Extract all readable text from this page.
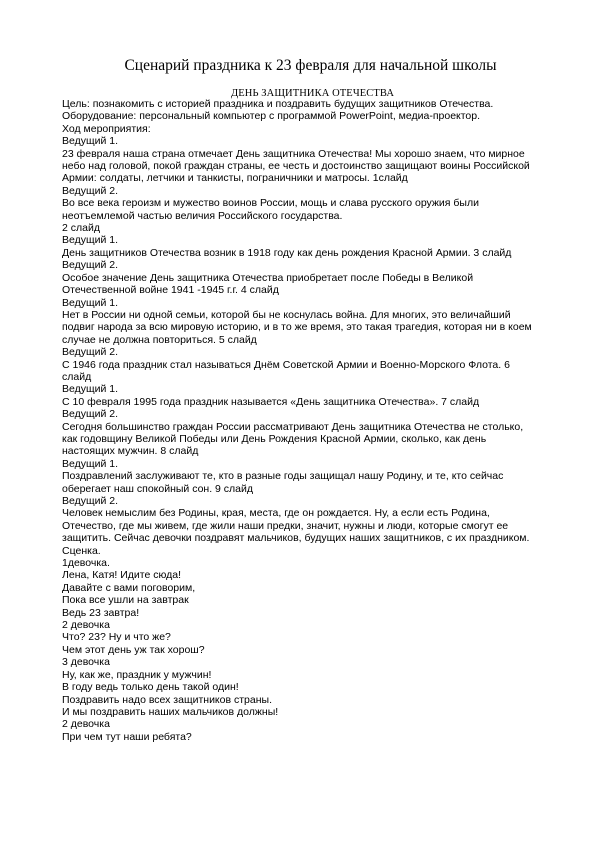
Сценарий праздника к 23 февраля для начальной школы
ДЕНЬ ЗАЩИТНИКА ОТЕЧЕСТВА
Цель: познакомить с историей праздника и поздравить будущих защитников Отечества.
Оборудование: персональный компьютер с программой PowerPoint, медиа-проектор.
Ход мероприятия:
Ведущий 1.
23 февраля наша страна отмечает День защитника Отечества! Мы хорошо знаем, что мирное
небо над головой, покой граждан страны, ее честь и достоинство защищают воины Российской
Армии: солдаты, летчики и танкисты, пограничники и матросы. 1слайд
Ведущий 2.
Во все века героизм и мужество воинов России, мощь и слава русского оружия были
неотъемлемой частью величия Российского государства.
2 слайд
Ведущий 1.
День защитников Отечества возник в 1918 году как день рождения Красной Армии. 3 слайд
Ведущий 2.
Особое значение День защитника Отечества приобретает после Победы в Великой
Отечественной войне 1941 -1945 г.г. 4 слайд
Ведущий 1.
Нет в России ни одной семьи, которой бы не коснулась война. Для многих, это величайший
подвиг народа за всю мировую историю, и в то же время, это такая трагедия, которая ни в коем
случае не должна повториться. 5 слайд
Ведущий 2.
С 1946 года праздник стал называться Днём Советской Армии и Военно-Морского Флота. 6
слайд
Ведущий 1.
С 10 февраля 1995 года праздник называется «День защитника Отечества». 7 слайд
Ведущий 2.
Сегодня большинство граждан России рассматривают День защитника Отечества не столько,
как годовщину Великой Победы или День Рождения Красной Армии, сколько, как день
настоящих мужчин. 8 слайд
Ведущий 1.
Поздравлений заслуживают те, кто в разные годы защищал нашу Родину, и те, кто сейчас
оберегает наш спокойный сон. 9 слайд
Ведущий 2.
Человек немыслим без Родины, края, места, где он рождается. Ну, а если есть Родина,
Отечество, где мы живем, где жили наши предки, значит, нужны и люди, которые смогут ее
защитить. Сейчас девочки поздравят мальчиков, будущих наших защитников, с их праздником.
Сценка.
1девочка.
Лена, Катя! Идите сюда!
Давайте с вами поговорим,
Пока все ушли на завтрак
Ведь 23 завтра!
2 девочка
Что? 23? Ну и что же?
Чем этот день уж так хорош?
3 девочка
Ну, как же, праздник у мужчин!
В году ведь только день такой один!
Поздравить надо всех защитников страны.
И мы поздравить наших мальчиков должны!
2 девочка
При чем тут наши ребята?
